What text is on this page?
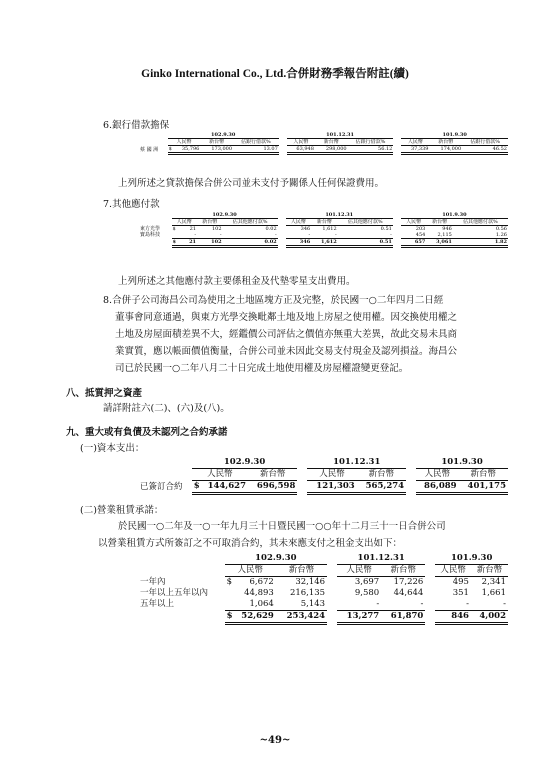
Ginko International Co., Ltd.合併財務季報告附註(續)
6.銀行借款擔保
	102.9.30				101.12.31				101.9.30		
	人民幣	新台幣	佔銀行借款%		人民幣	新台幣	佔銀行借款%		人民幣	新台幣	佔銀行借款%
蔡 國 洲	$ 35,796	173,000	13.07		63,948	298,000	56.12		37,339	174,000	46.52
上列所述之貸款擔保合併公司並未支付予關係人任何保證費用。
7.其他應付款
	102.9.30				101.12.31				101.9.30		
	人民幣	新台幣	佔其他應付款%		人民幣	新台幣	佔其他應付款%		人民幣	新台幣	佔其他應付款%
東方光學	$ 21	102	0.02		346	1,612	0.51		203	946	0.56
寶島科技	-	-	-		-	-	-		454	2,115	1.26

	$ 21	102	0.02		346	1,612	0.51		657	3,061	1.82
上列所述之其他應付款主要係租金及代墊零星支出費用。
8.合併子公司海昌公司為使用之土地區塊方正及完整，於民國一○二年四月二日經
董事會同意通過，與東方光學交換毗鄰土地及地上房屋之使用權。因交換使用權之
土地及房屋面積差異不大，經鑑價公司評估之價值亦無重大差異，故此交易未具商
業實質，應以帳面價值衡量，合併公司並未因此交易支付現金及認列損益。海昌公
司已於民國一○二年八月二十日完成土地使用權及房屋權證變更登記。
八、抵質押之資產
請詳附註六(二)、(六)及(八)。
九、重大或有負債及未認列之合約承諾
(一)資本支出：
	102.9.30			101.12.31			101.9.30	
	人民幣	新台幣		人民幣	新台幣		人民幣	新台幣
已簽訂合約	$ 144,627	696,598		121,303	565,274		86,089	401,175
(二)營業租賃承諾：
於民國一○二年及一○一年九月三十日暨民國一○○年十二月三十一日合併公司
以營業租賃方式所簽訂之不可取消合約，其未來應支付之租金支出如下：
	102.9.30			101.12.31			101.9.30	
	人民幣	新台幣		人民幣	新台幣		人民幣	新台幣
一年內	$ 6,672	32,146		3,697	17,226		495	2,341
一年以上五年以內	44,893	216,135		9,580	44,644		351	1,661
五年以上	1,064	5,143		-	-		-	-

	$ 52,629	253,424		13,277	61,870		846	4,002
~49~
